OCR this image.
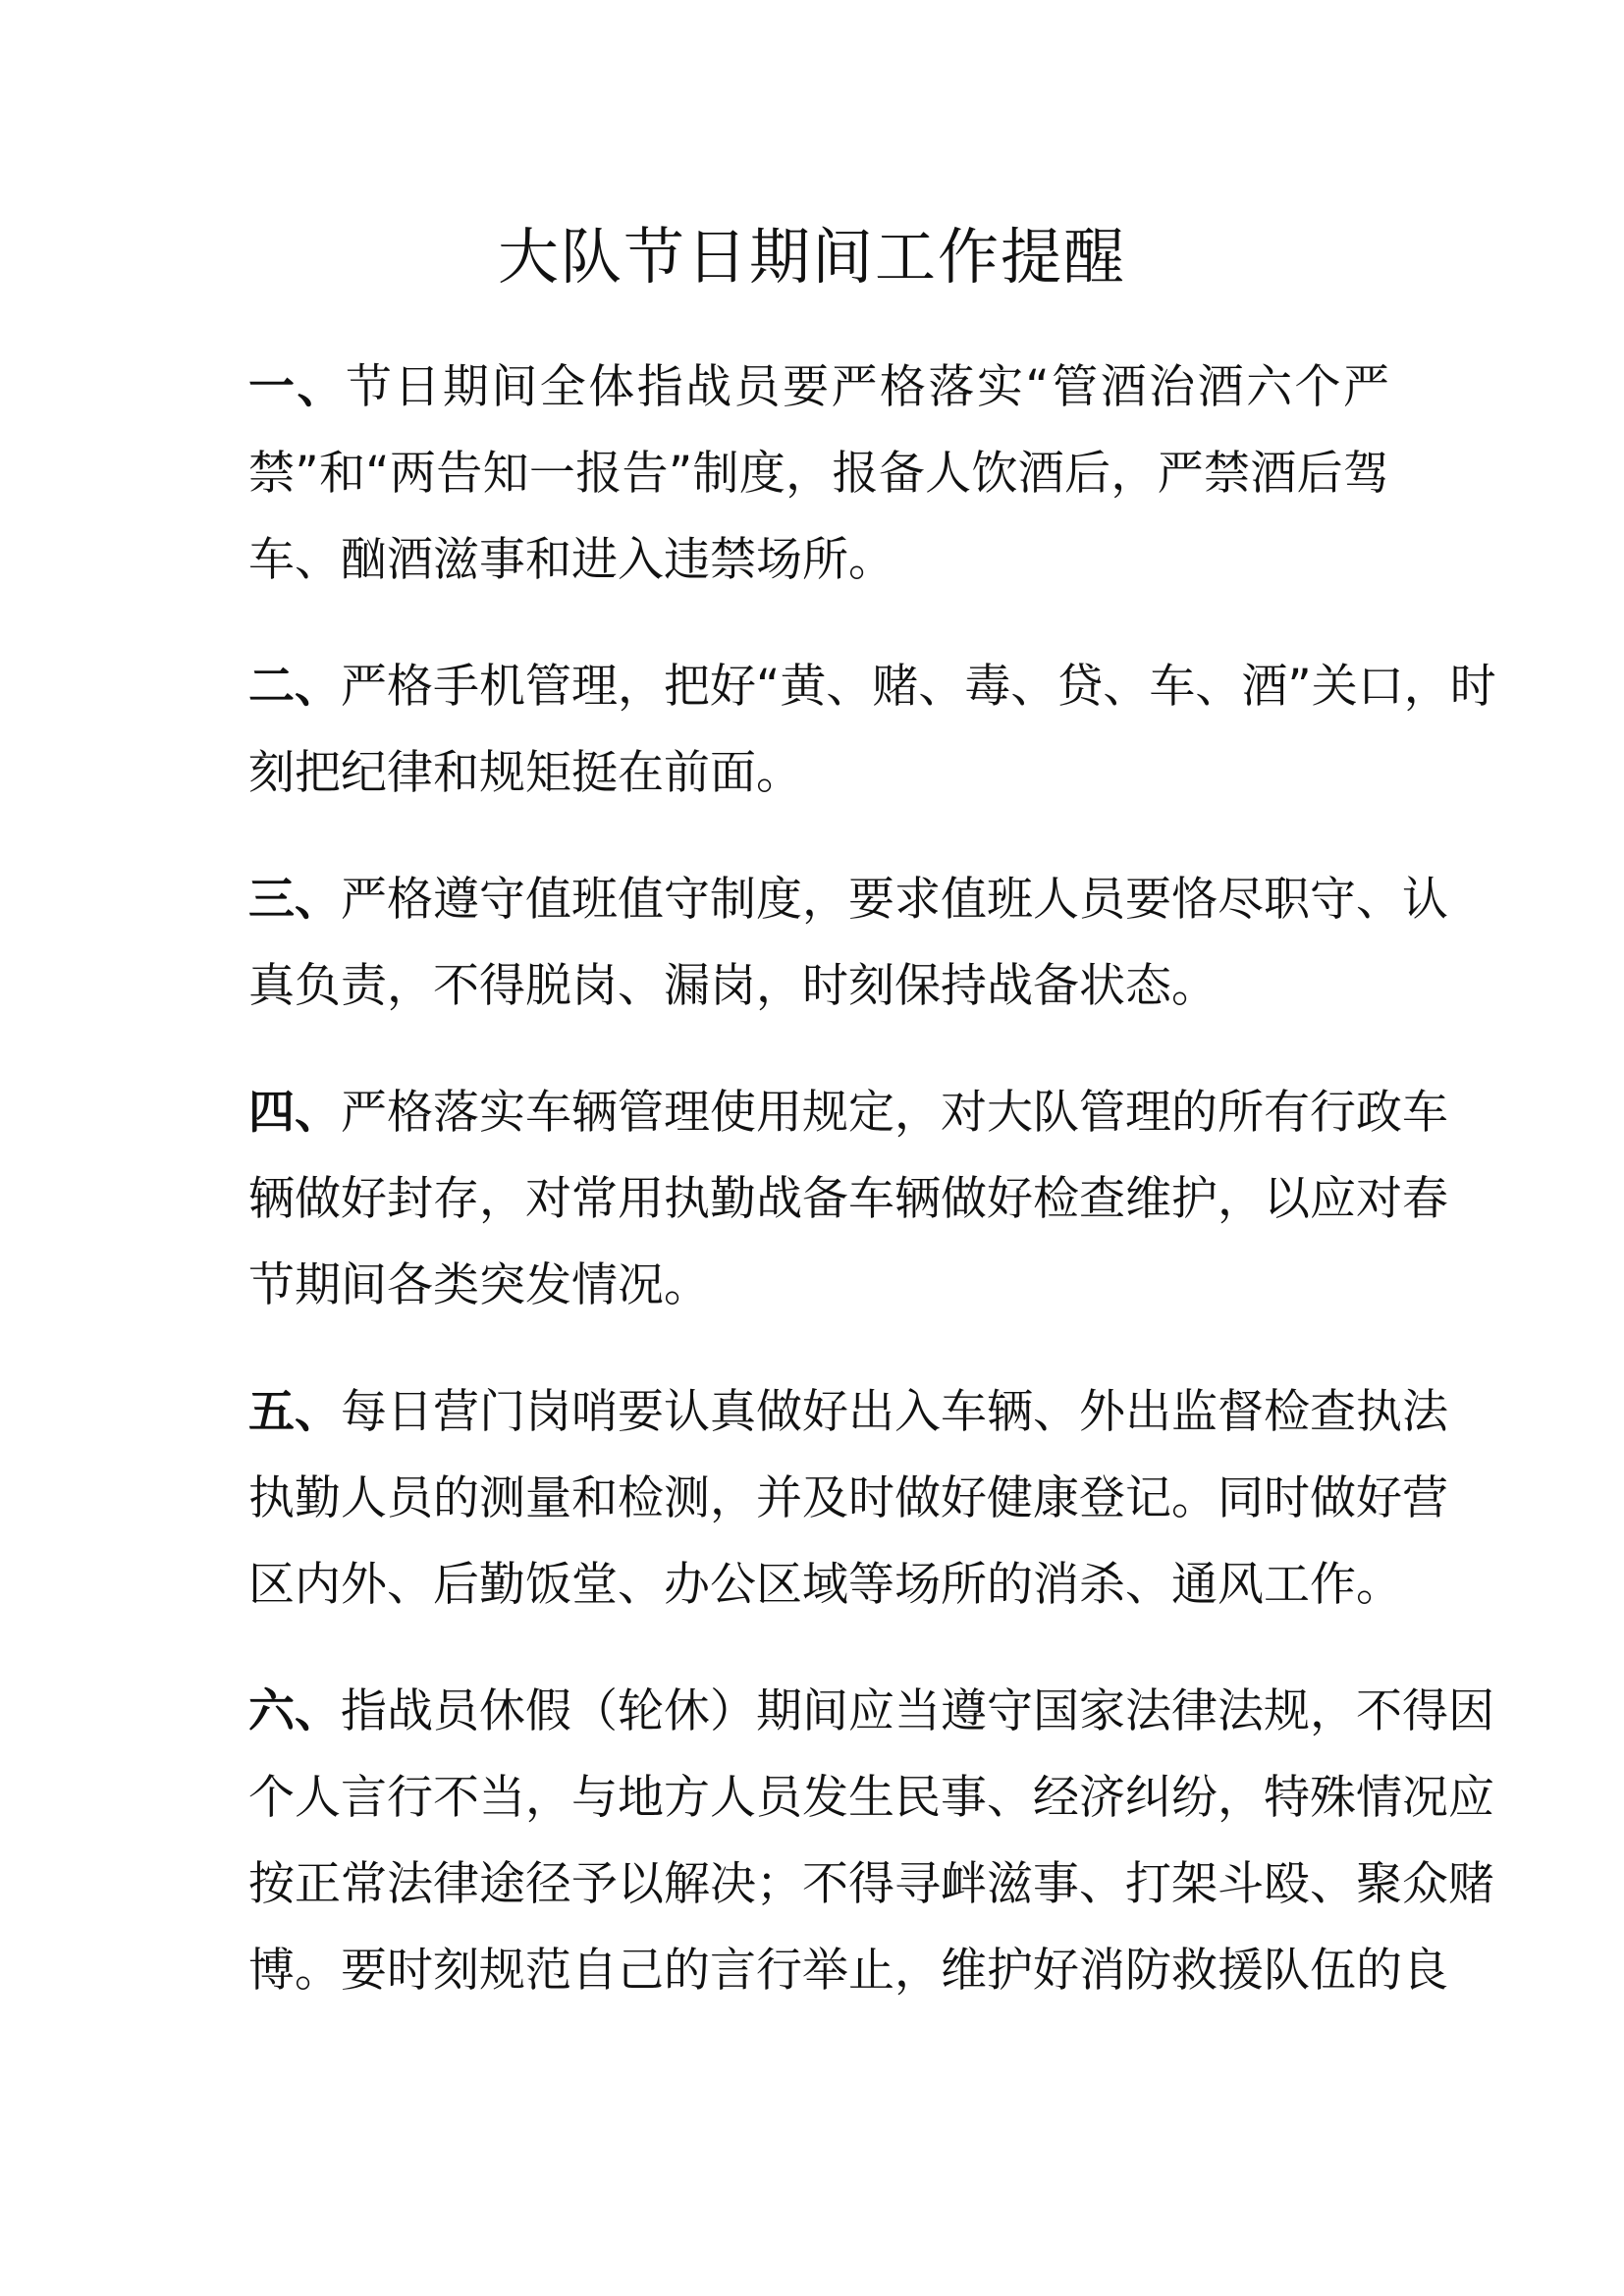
大队节日期间工作提醒
一、节日期间全体指战员要严格落实“管酒治酒六个严
禁”和“两告知一报告”制度，报备人饮酒后，严禁酒后驾
车、酗酒滋事和进入违禁场所。
二、严格手机管理，把好“黄、赌、毒、贷、车、酒”关口，时
刻把纪律和规矩挺在前面。
三、严格遵守值班值守制度，要求值班人员要恪尽职守、认
真负责，不得脱岗、漏岗，时刻保持战备状态。
四、严格落实车辆管理使用规定，对大队管理的所有行政车
辆做好封存，对常用执勤战备车辆做好检查维护，以应对春
节期间各类突发情况。
五、每日营门岗哨要认真做好出入车辆、外出监督检查执法
执勤人员的测量和检测，并及时做好健康登记。同时做好营
区内外、后勤饭堂、办公区域等场所的消杀、通风工作。
六、指战员休假（轮休）期间应当遵守国家法律法规，不得因
个人言行不当，与地方人员发生民事、经济纠纷，特殊情况应
按正常法律途径予以解决；不得寻衅滋事、打架斗殴、聚众赌
博。要时刻规范自己的言行举止，维护好消防救援队伍的良
